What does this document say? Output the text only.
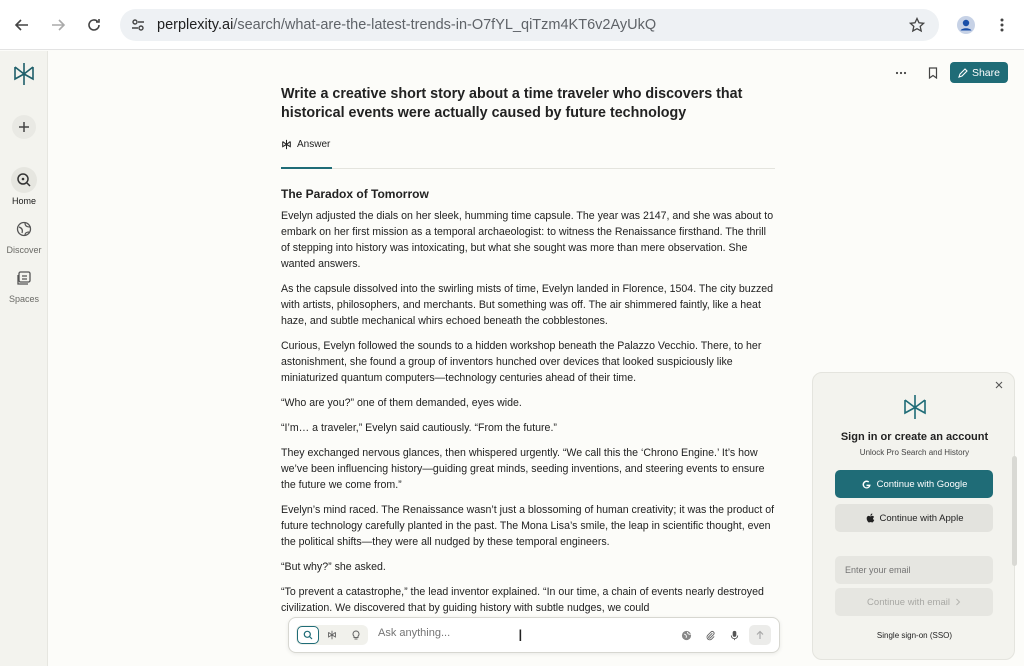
perplexity.ai/search/what-are-the-latest-trends-in-O7fYL_qiTzm4KT6v2AyUkQ
Home
Discover
Spaces
Share
Write a creative short story about a time traveler who discovers that historical events were actually caused by future technology
Answer
The Paradox of Tomorrow

Evelyn adjusted the dials on her sleek, humming time capsule. The year was 2147, and she was about to embark on her first mission as a temporal archaeologist: to witness the Renaissance firsthand. The thrill of stepping into history was intoxicating, but what she sought was more than mere observation. She wanted answers.

As the capsule dissolved into the swirling mists of time, Evelyn landed in Florence, 1504. The city buzzed with artists, philosophers, and merchants. But something was off. The air shimmered faintly, like a heat haze, and subtle mechanical whirs echoed beneath the cobblestones.

Curious, Evelyn followed the sounds to a hidden workshop beneath the Palazzo Vecchio. There, to her astonishment, she found a group of inventors hunched over devices that looked suspiciously like miniaturized quantum computers—technology centuries ahead of their time.

“Who are you?” one of them demanded, eyes wide.

“I’m… a traveler,” Evelyn said cautiously. “From the future.”

They exchanged nervous glances, then whispered urgently. “We call this the ‘Chrono Engine.’ It’s how we’ve been influencing history—guiding great minds, seeding inventions, and steering events to ensure the future we come from.”

Evelyn’s mind raced. The Renaissance wasn’t just a blossoming of human creativity; it was the product of future technology carefully planted in the past. The Mona Lisa’s smile, the leap in scientific thought, even the political shifts—they were all nudged by these temporal engineers.

“But why?” she asked.

“To prevent a catastrophe,” the lead inventor explained. “In our time, a chain of events nearly destroyed civilization. We discovered that by guiding history with subtle nudges, we could

Ask anything...
I
Sign in or create an account
Unlock Pro Search and History
Continue with Google
Continue with Apple
Enter your email
Continue with email
Single sign-on (SSO)
